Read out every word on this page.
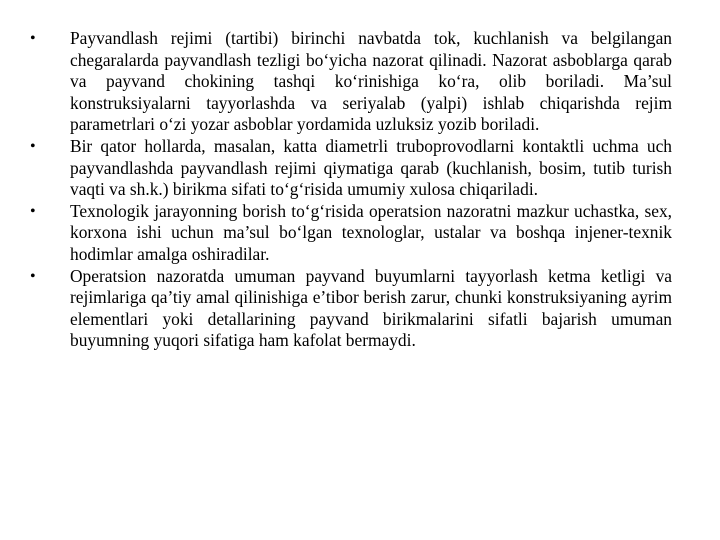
•	Payvandlash rejimi (tartibi) birinchi navbatda tok, kuchlanish va belgilangan chegaralarda payvandlash tezligi bo‘yicha nazorat qilinadi. Nazorat asboblarga qarab va payvand chokining tashqi ko‘rinishiga ko‘ra, olib boriladi. Ma’sul konstruksiyalarni tayyorlashda va seriyalab (yalpi) ishlab chiqarishda rejim parametrlari o‘zi yozar asboblar yordamida uzluksiz yozib boriladi.
•	Bir qator hollarda, masalan, katta diametrli truboprovodlarni kontaktli uchma uch payvandlashda payvandlash rejimi qiymatiga qarab (kuchlanish, bosim, tutib turish vaqti va sh.k.) birikma sifati to‘g‘risida umumiy xulosa chiqariladi.
•	Texnologik jarayonning borish to‘g‘risida operatsion nazoratni mazkur uchastka, sex, korxona ishi uchun ma’sul bo‘lgan texnologlar, ustalar va boshqa injener-texnik hodimlar amalga oshiradilar.
•	Operatsion nazoratda umuman payvand buyumlarni tayyorlash ketma ketligi va rejimlariga qa’tiy amal qilinishiga e’tibor berish zarur, chunki konstruksiyaning ayrim elementlari yoki detallarining payvand birikmalarini sifatli bajarish umuman buyumning yuqori sifatiga ham kafolat bermaydi.
